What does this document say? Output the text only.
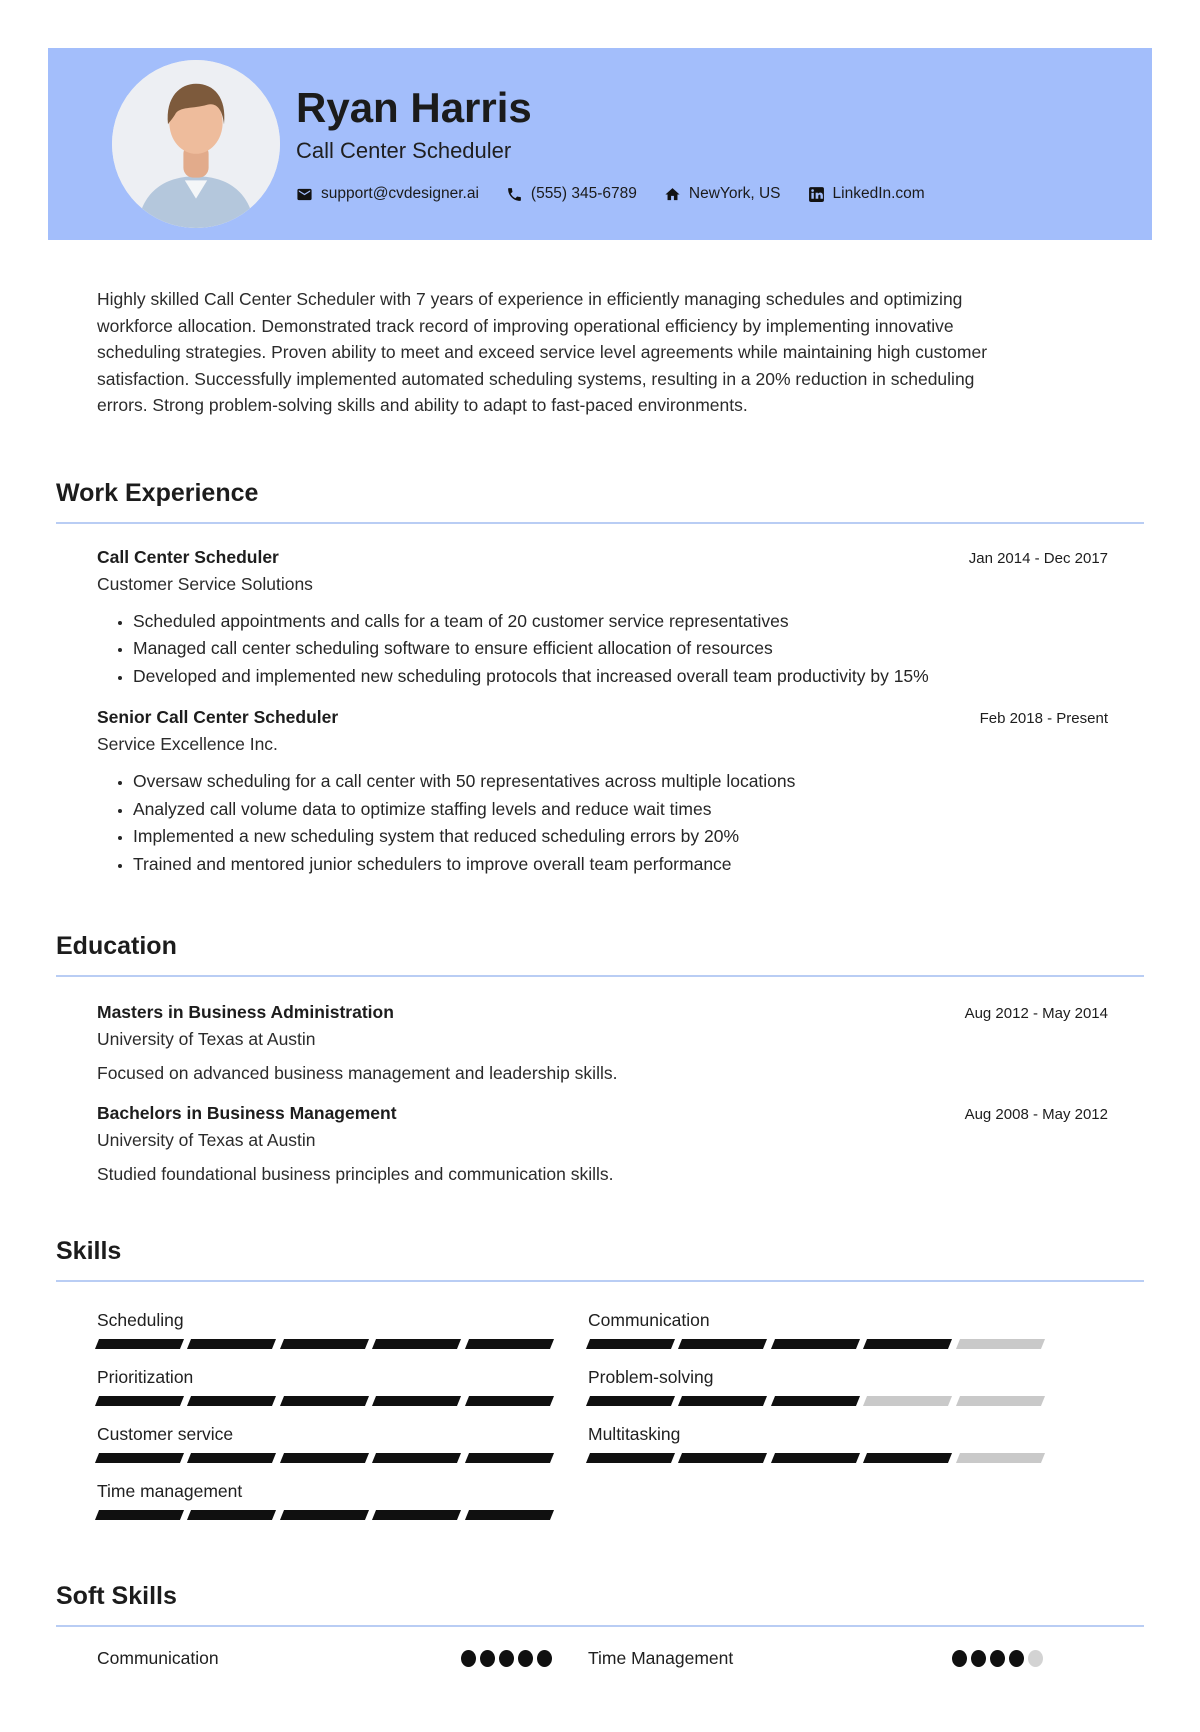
Ryan Harris
Call Center Scheduler
support@cvdesigner.ai	(555) 345-6789	NewYork, US	LinkedIn.com

Highly skilled Call Center Scheduler with 7 years of experience in efficiently managing schedules and optimizing workforce allocation. Demonstrated track record of improving operational efficiency by implementing innovative scheduling strategies. Proven ability to meet and exceed service level agreements while maintaining high customer satisfaction. Successfully implemented automated scheduling systems, resulting in a 20% reduction in scheduling errors. Strong problem-solving skills and ability to adapt to fast-paced environments.

Work Experience
Call Center Scheduler	Jan 2014 - Dec 2017
Customer Service Solutions
• Scheduled appointments and calls for a team of 20 customer service representatives
• Managed call center scheduling software to ensure efficient allocation of resources
• Developed and implemented new scheduling protocols that increased overall team productivity by 15%
Senior Call Center Scheduler	Feb 2018 - Present
Service Excellence Inc.
• Oversaw scheduling for a call center with 50 representatives across multiple locations
• Analyzed call volume data to optimize staffing levels and reduce wait times
• Implemented a new scheduling system that reduced scheduling errors by 20%
• Trained and mentored junior schedulers to improve overall team performance
Education
Masters in Business Administration	Aug 2012 - May 2014
University of Texas at Austin

Focused on advanced business management and leadership skills.

Bachelors in Business Management	Aug 2008 - May 2012
University of Texas at Austin

Studied foundational business principles and communication skills.

Skills
Scheduling	Communication
Prioritization	Problem-solving
Customer service	Multitasking
Time management
Soft Skills
Communication	Time Management
